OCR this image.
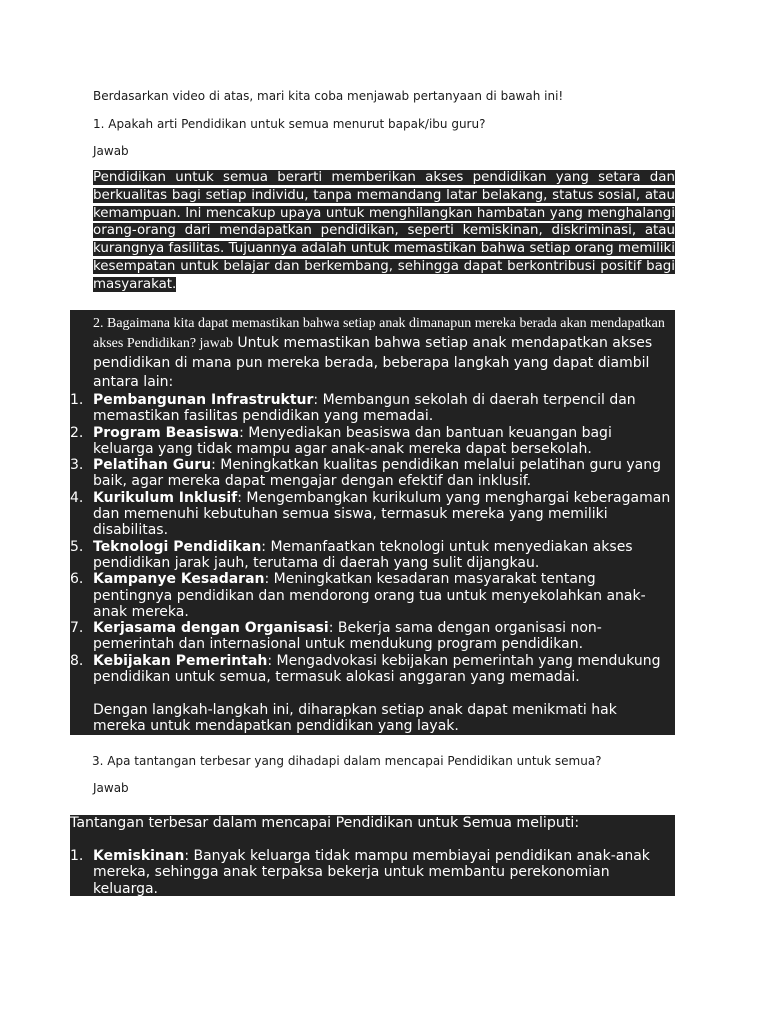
Berdasarkan video di atas, mari kita coba menjawab pertanyaan di bawah ini!
1. Apakah arti Pendidikan untuk semua menurut bapak/ibu guru?
Jawab
Pendidikan untuk semua berarti memberikan akses pendidikan yang setara dan berkualitas bagi setiap individu, tanpa memandang latar belakang, status sosial, atau kemampuan. Ini mencakup upaya untuk menghilangkan hambatan yang menghalangi orang-orang dari mendapatkan pendidikan, seperti kemiskinan, diskriminasi, atau kurangnya fasilitas. Tujuannya adalah untuk memastikan bahwa setiap orang memiliki kesempatan untuk belajar dan berkembang, sehingga dapat berkontribusi positif bagi masyarakat.
2. Bagaimana kita dapat memastikan bahwa setiap anak dimanapun mereka berada akan mendapatkan akses Pendidikan? jawab Untuk memastikan bahwa setiap anak mendapatkan akses pendidikan di mana pun mereka berada, beberapa langkah yang dapat diambil antara lain:
1. Pembangunan Infrastruktur: Membangun sekolah di daerah terpencil dan memastikan fasilitas pendidikan yang memadai.
2. Program Beasiswa: Menyediakan beasiswa dan bantuan keuangan bagi keluarga yang tidak mampu agar anak-anak mereka dapat bersekolah.
3. Pelatihan Guru: Meningkatkan kualitas pendidikan melalui pelatihan guru yang baik, agar mereka dapat mengajar dengan efektif dan inklusif.
4. Kurikulum Inklusif: Mengembangkan kurikulum yang menghargai keberagaman dan memenuhi kebutuhan semua siswa, termasuk mereka yang memiliki disabilitas.
5. Teknologi Pendidikan: Memanfaatkan teknologi untuk menyediakan akses pendidikan jarak jauh, terutama di daerah yang sulit dijangkau.
6. Kampanye Kesadaran: Meningkatkan kesadaran masyarakat tentang pentingnya pendidikan dan mendorong orang tua untuk menyekolahkan anak-anak mereka.
7. Kerjasama dengan Organisasi: Bekerja sama dengan organisasi non-pemerintah dan internasional untuk mendukung program pendidikan.
8. Kebijakan Pemerintah: Mengadvokasi kebijakan pemerintah yang mendukung pendidikan untuk semua, termasuk alokasi anggaran yang memadai.
Dengan langkah-langkah ini, diharapkan setiap anak dapat menikmati hak mereka untuk mendapatkan pendidikan yang layak.
3. Apa tantangan terbesar yang dihadapi dalam mencapai Pendidikan untuk semua?
Jawab
Tantangan terbesar dalam mencapai Pendidikan untuk Semua meliputi:
1. Kemiskinan: Banyak keluarga tidak mampu membiayai pendidikan anak-anak mereka, sehingga anak terpaksa bekerja untuk membantu perekonomian keluarga.
